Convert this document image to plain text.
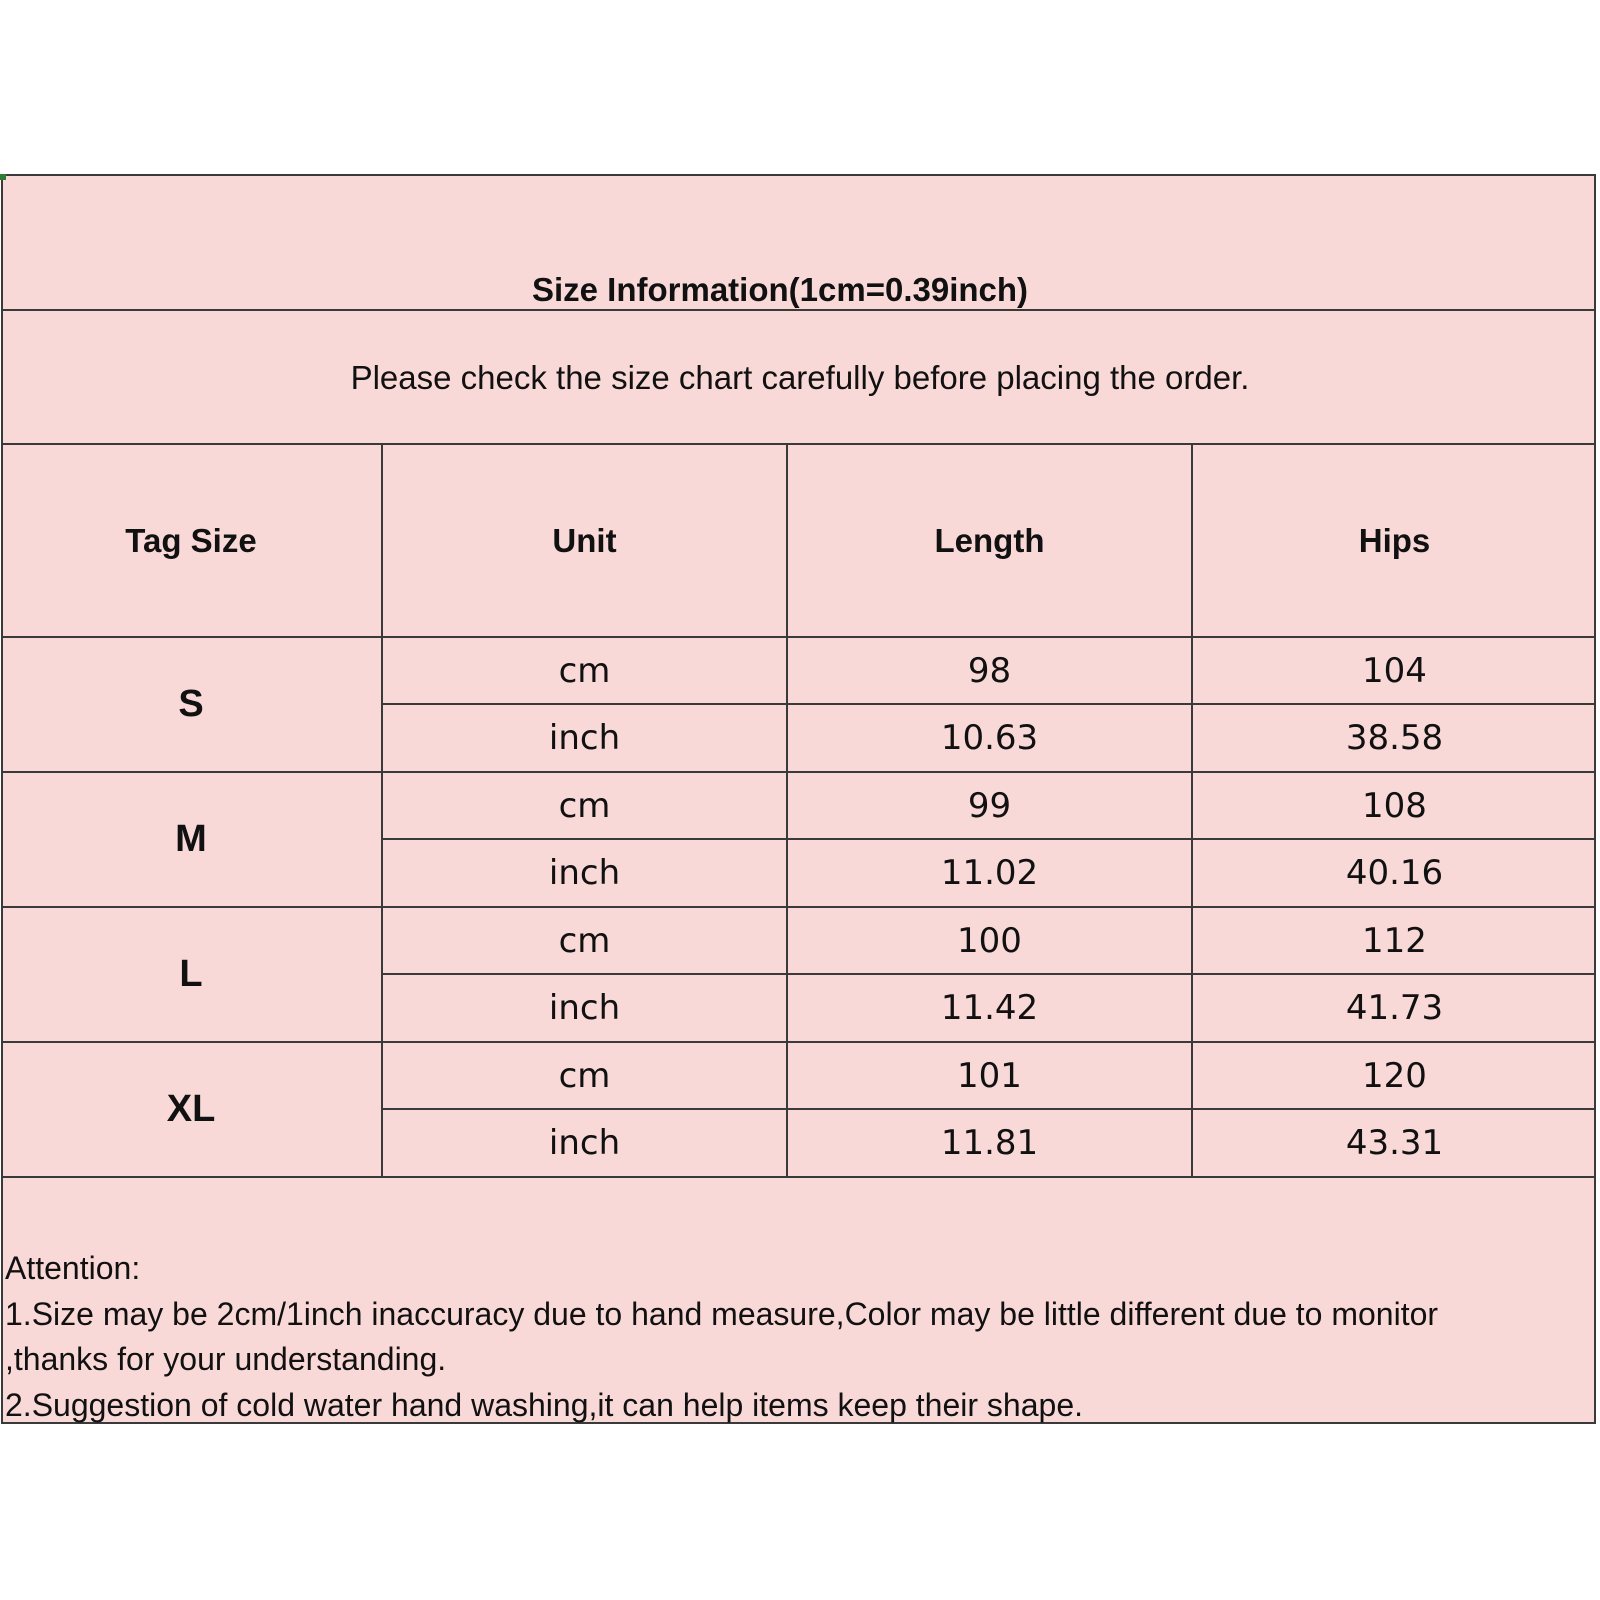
Size Information(1cm=0.39inch)
Please check the size chart carefully before placing the order.
Tag Size	Unit	Length	Hips
S
cm	98	104
inch	10.63	38.58
M
cm	99	108
inch	11.02	40.16
L
cm	100	112
inch	11.42	41.73
XL
cm	101	120
inch	11.81	43.31
Attention:
1.Size may be 2cm/1inch inaccuracy due to hand measure,Color may be little different due to monitor
,thanks for your understanding.
2.Suggestion of cold water hand washing,it can help items keep their shape.
